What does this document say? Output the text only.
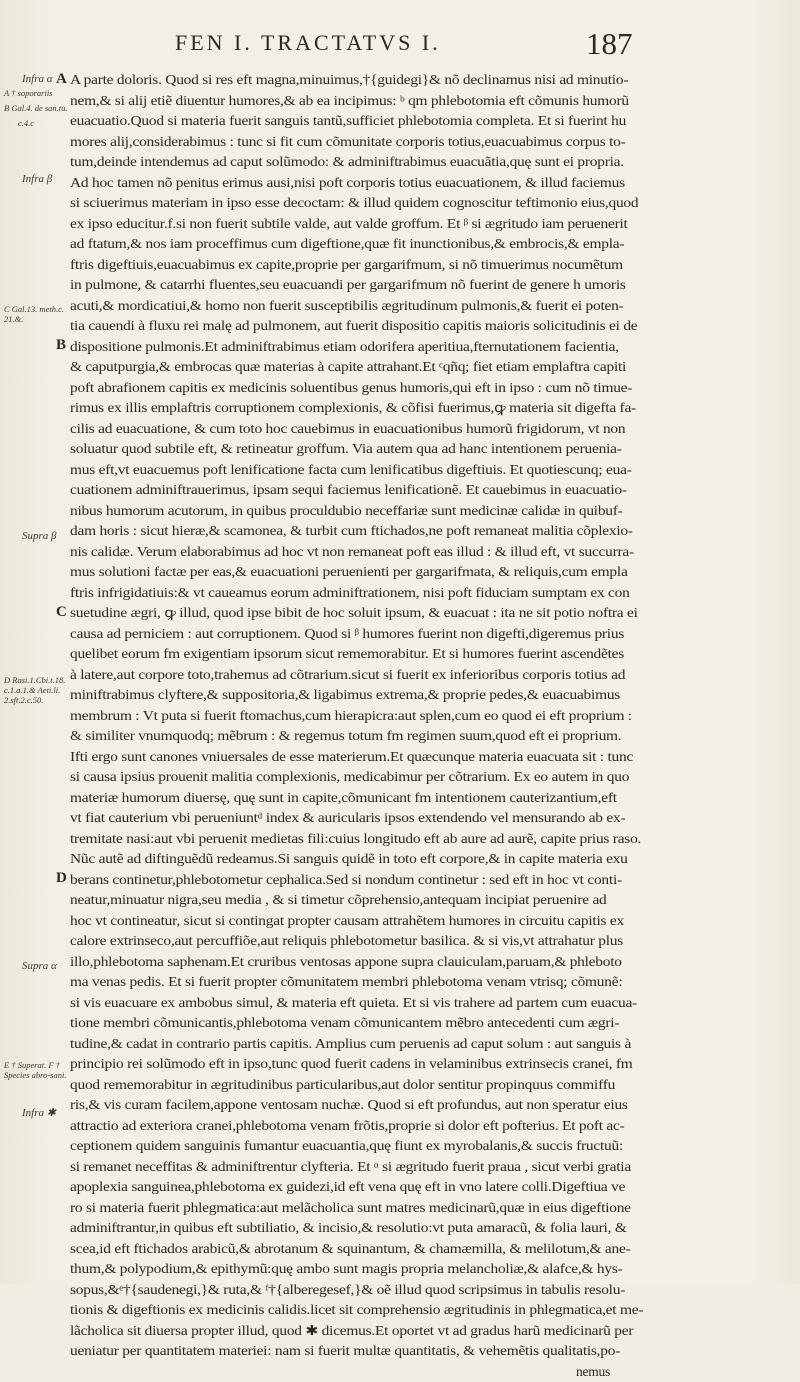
FEN I. TRACTATVS I.	187
A
B
C
D
Infra α
A † soporariis
B Gal.4. de san.tu.
c.4.c
Infra β
C Gal.13. meth.c. 21.&.
Supra β
D Rasi.1.Cbi.t.18. c.1.a.1.& Aeti.li. 2.sft.2.c.50.
Supra α
E † Superat. F † Species abro-sani.
Infra ✱
A parte doloris. Quod si res eft magna,minuimus,†{guidegi}& nõ declinamus nisi ad minutio-
nem,& si alij etiẽ diuentur humores,& ab ea incipimus: ᵇ qm phlebotomia eft cõmunis humorũ
euacuatio.Quod si materia fuerit sanguis tantũ,sufficiet phlebotomia completa. Et si fuerint hu
mores alij,considerabimus : tunc si fit cum cõmunitate corporis totius,euacuabimus corpus to-
tum,deinde intendemus ad caput solũmodo: & adminiftrabimus euacuãtia,quę sunt ei propria.
Ad hoc tamen nõ penitus erimus ausi,nisi poft corporis totius euacuationem, & illud faciemus
si sciuerimus materiam in ipso esse decoctam: & illud quidem cognoscitur teftimonio eius,quod
ex ipso educitur.f.si non fuerit subtile valde, aut valde groffum. Et ᵝ si ægritudo iam peruenerit
ad ftatum,& nos iam proceffimus cum digeftione,quæ fit inunctionibus,& embrocis,& empla-
ftris digeftiuis,euacuabimus ex capite,proprie per gargarifmum, si nõ timuerimus nocumẽtum
in pulmone, & catarrhi fluentes,seu euacuandi per gargarifmum nõ fuerint de genere h umoris
acuti,& mordicatiui,& homo non fuerit susceptibilis ægritudinum pulmonis,& fuerit ei poten-
tia cauendi à fluxu rei malę ad pulmonem, aut fuerit dispositio capitis maioris solicitudinis ei de
dispositione pulmonis.Et adminiftrabimus etiam odorifera aperitiua,fternutationem facientia,
& caputpurgia,& embrocas quæ materias à capite attrahant.Et ᶜqñq; fiet etiam emplaftra capiti
poft abrafionem capitis ex medicinis soluentibus genus humoris,qui eft in ipso : cum nõ timue-
rimus ex illis emplaftris corruptionem complexionis, & cõfisi fuerimus,ꝙ materia sit digefta fa-
cilis ad euacuatione, & cum toto hoc cauebimus in euacuationibus humorũ frigidorum, vt non
soluatur quod subtile eft, & retineatur groffum. Via autem qua ad hanc intentionem peruenia-
mus eft,vt euacuemus poft lenificatione facta cum lenificatibus digeftiuis. Et quotiescunq; eua-
cuationem adminiftrauerimus, ipsam sequi faciemus lenificationẽ. Et cauebimus in euacuatio-
nibus humorum acutorum, in quibus proculdubio neceffariæ sunt medicinæ calidæ in quibuf-
dam horis : sicut hieræ,& scamonea, & turbit cum ftichados,ne poft remaneat malitia cõplexio-
nis calidæ. Verum elaborabimus ad hoc vt non remaneat poft eas illud : & illud eft, vt succurra-
mus solutioni factæ per eas,& euacuationi peruenienti per gargarifmata, & reliquis,cum empla
ftris infrigidatiuis:& vt caueamus eorum adminiftrationem, nisi poft fiduciam sumptam ex con
suetudine ægri, ꝙ illud, quod ipse bibit de hoc soluit ipsum, & euacuat : ita ne sit potio noftra ei
causa ad perniciem : aut corruptionem. Quod si ᵝ humores fuerint non digefti,digeremus prius
quelibet eorum fm exigentiam ipsorum sicut rememorabitur. Et si humores fuerint ascendẽtes
à latere,aut corpore toto,trahemus ad cõtrarium.sicut si fuerit ex inferioribus corporis totius ad
miniftrabimus clyftere,& suppositoria,& ligabimus extrema,& proprie pedes,& euacuabimus
membrum : Vt puta si fuerit ftomachus,cum hierapicra:aut splen,cum eo quod ei eft proprium :
& similiter vnumquodq; mẽbrum : & regemus totum fm regimen suum,quod eft ei proprium.
Ifti ergo sunt canones vniuersales de esse materierum.Et quæcunque materia euacuata sit : tunc
si causa ipsius prouenit malitia complexionis, medicabimur per cõtrarium. Ex eo autem in quo
materiæ humorum diuersę, quę sunt in capite,cõmunicant fm intentionem cauterizantium,eft
vt fiat cauterium vbi perueniuntᵈ index & auricularis ipsos extendendo vel mensurando ab ex-
tremitate nasi:aut vbi peruenit medietas fili:cuius longitudo eft ab aure ad aurẽ, capite prius raso.
Nũc autẽ ad diftinguẽdũ redeamus.Si sanguis quidẽ in toto eft corpore,& in capite materia exu
berans continetur,phlebotometur cephalica.Sed si nondum continetur : sed eft in hoc vt conti-
neatur,minuatur nigra,seu media , & si timetur cõprehensio,antequam incipiat peruenire ad
hoc vt contineatur, sicut si contingat propter causam attrahẽtem humores in circuitu capitis ex
calore extrinseco,aut percuffiõe,aut reliquis phlebotometur basilica. & si vis,vt attrahatur plus
illo,phlebotoma saphenam.Et cruribus ventosas appone supra clauiculam,paruam,& phleboto
ma venas pedis. Et si fuerit propter cõmunitatem membri phlebotoma venam vtrisq; cõmunẽ:
si vis euacuare ex ambobus simul, & materia eft quieta. Et si vis trahere ad partem cum euacua-
tione membri cõmunicantis,phlebotoma venam cõmunicantem mẽbro antecedenti cum ægri-
tudine,& cadat in contrario partis capitis. Amplius cum peruenis ad caput solum : aut sanguis à
principio rei solũmodo eft in ipso,tunc quod fuerit cadens in velaminibus extrinsecis cranei, fm
quod rememorabitur in ægritudinibus particularibus,aut dolor sentitur propinquus commiffu
ris,& vis curam facilem,appone ventosam nuchæ. Quod si eft profundus, aut non speratur eius
attractio ad exteriora cranei,phlebotoma venam frõtis,proprie si dolor eft pofterius. Et poft ac-
ceptionem quidem sanguinis fumantur euacuantia,quę fiunt ex myrobalanis,& succis fructuũ:
si remanet neceffitas & adminiftrentur clyfteria. Et ᵅ si ægritudo fuerit praua , sicut verbi gratia
apoplexia sanguinea,phlebotoma ex guidezi,id eft vena quę eft in vno latere colli.Digeftiua ve
ro si materia fuerit phlegmatica:aut melãcholica sunt matres medicinarũ,quæ in eius digeftione
adminiftrantur,in quibus eft subtiliatio, & incisio,& resolutio:vt puta amaracũ, & folia lauri, &
scea,id eft ftichados arabicũ,& abrotanum & squinantum, & chamæmilla, & melilotum,& ane-
thum,& polypodium,& epithymũ:quę ambo sunt magis propria melancholiæ,& alafce,& hys-
sopus,&ᵉ†{saudenegi,}& ruta,& ᶠ†{alberegesef,}& oẽ illud quod scripsimus in tabulis resolu-
tionis & digeftionis ex medicinis calidis.licet sit comprehensio ægritudinis in phlegmatica,et me-
lãcholica sit diuersa propter illud, quod ✱ dicemus.Et oportet vt ad gradus harũ medicinarũ per
ueniatur per quantitatem materiei: nam si fuerit multæ quantitatis, & vehemẽtis qualitatis,po-
nemus
